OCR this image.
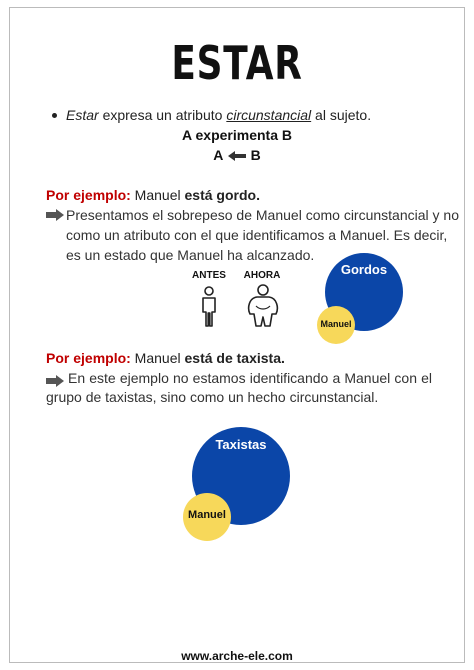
ESTAR
Estar expresa un atributo circunstancial al sujeto.
A experimenta B
A B
Por ejemplo: Manuel está gordo.
Presentamos el sobrepeso de Manuel como circunstancial y no
como un atributo con el que identificamos a Manuel. Es decir,
es un estado que Manuel ha alcanzado.
ANTES AHORA	Gordos
Manuel
Por ejemplo: Manuel está de taxista.
En este ejemplo no estamos identificando a Manuel con el
grupo de taxistas, sino como un hecho circunstancial.
Taxistas
Manuel
www.arche-ele.com
